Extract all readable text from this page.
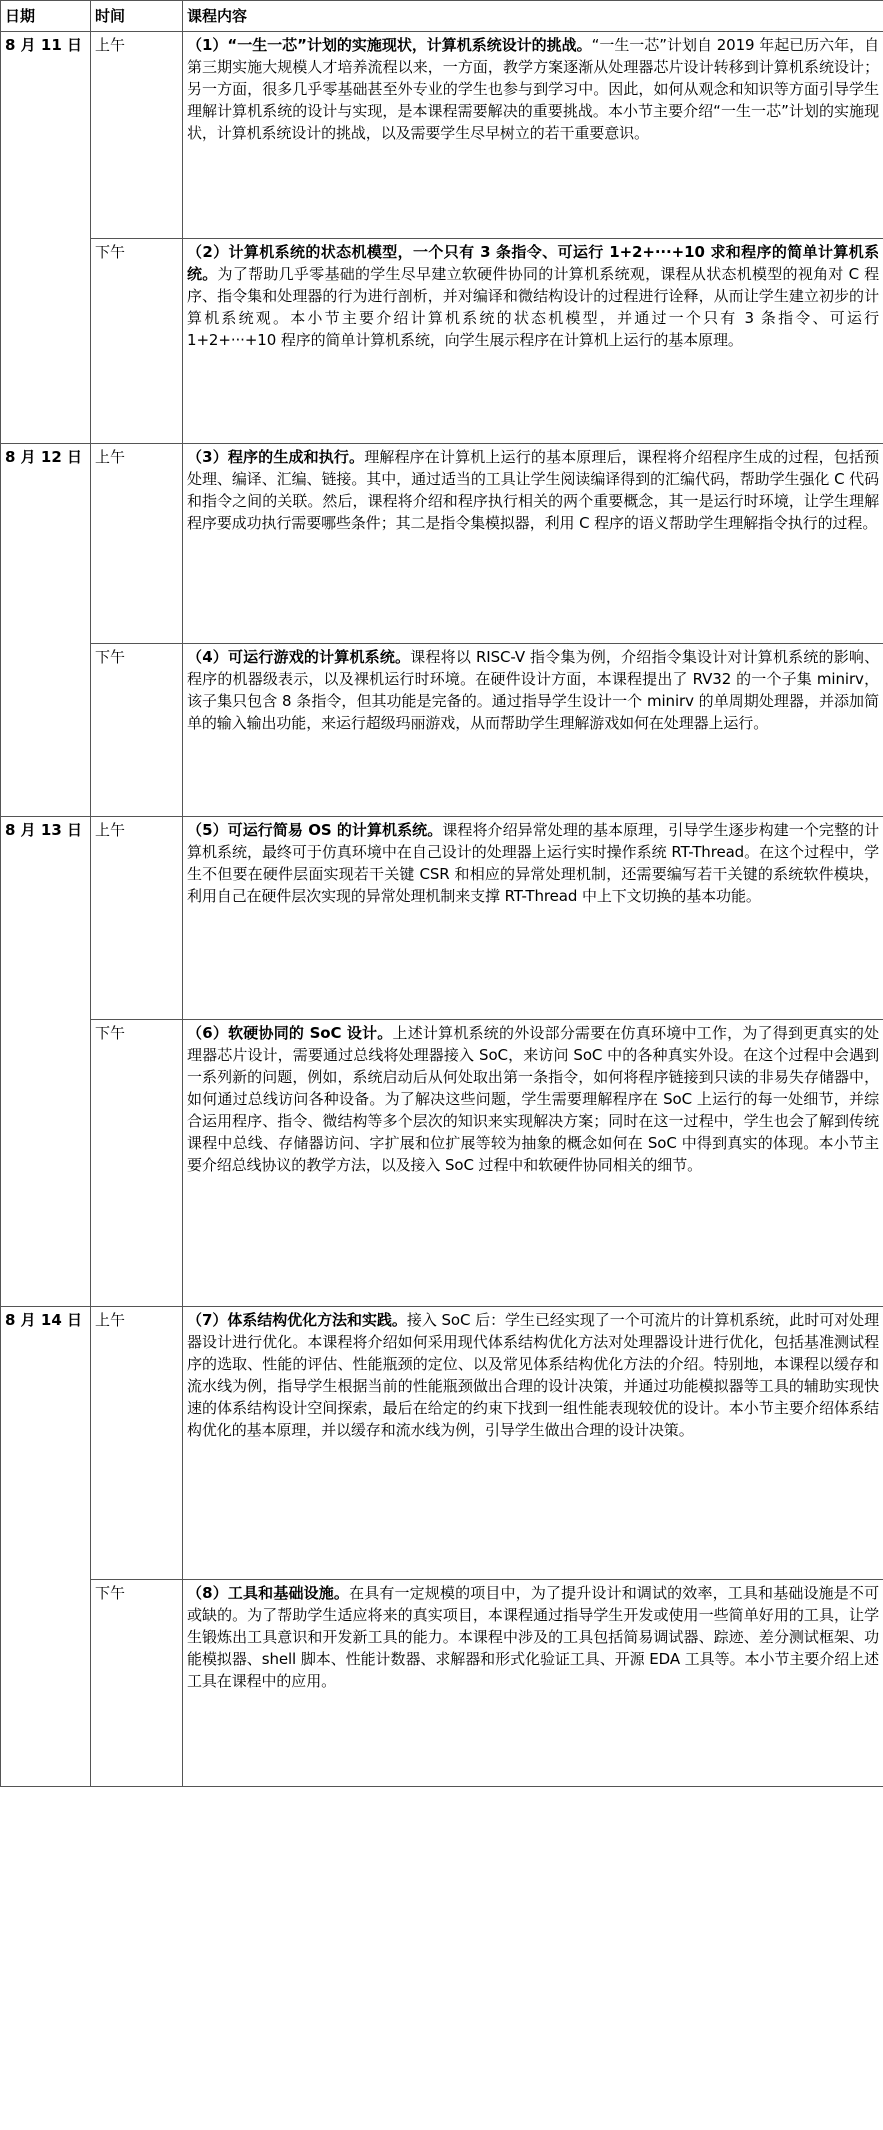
日期	时间	课程内容
8 月 11 日	上午	（1）“一生一芯”计划的实施现状，计算机系统设计的挑战。“一生一芯”计划自 2019 年起已历六年，自第三期实施大规模人才培养流程以来，一方面，教学方案逐渐从处理器芯片设计转移到计算机系统设计；另一方面，很多几乎零基础甚至外专业的学生也参与到学习中。因此，如何从观念和知识等方面引导学生理解计算机系统的设计与实现，是本课程需要解决的重要挑战。本小节主要介绍“一生一芯”计划的实施现状，计算机系统设计的挑战，以及需要学生尽早树立的若干重要意识。
	下午	（2）计算机系统的状态机模型，一个只有 3 条指令、可运行 1+2+···+10 求和程序的简单计算机系统。为了帮助几乎零基础的学生尽早建立软硬件协同的计算机系统观，课程从状态机模型的视角对 C 程序、指令集和处理器的行为进行剖析，并对编译和微结构设计的过程进行诠释，从而让学生建立初步的计算机系统观。本小节主要介绍计算机系统的状态机模型，并通过一个只有 3 条指令、可运行 1+2+···+10 程序的简单计算机系统，向学生展示程序在计算机上运行的基本原理。
8 月 12 日	上午	（3）程序的生成和执行。理解程序在计算机上运行的基本原理后，课程将介绍程序生成的过程，包括预处理、编译、汇编、链接。其中，通过适当的工具让学生阅读编译得到的汇编代码，帮助学生强化 C 代码和指令之间的关联。然后，课程将介绍和程序执行相关的两个重要概念，其一是运行时环境，让学生理解程序要成功执行需要哪些条件；其二是指令集模拟器，利用 C 程序的语义帮助学生理解指令执行的过程。
	下午	（4）可运行游戏的计算机系统。课程将以 RISC-V 指令集为例，介绍指令集设计对计算机系统的影响、程序的机器级表示，以及裸机运行时环境。在硬件设计方面，本课程提出了 RV32 的一个子集 minirv，该子集只包含 8 条指令，但其功能是完备的。通过指导学生设计一个 minirv 的单周期处理器，并添加简单的输入输出功能，来运行超级玛丽游戏，从而帮助学生理解游戏如何在处理器上运行。
8 月 13 日	上午	（5）可运行简易 OS 的计算机系统。课程将介绍异常处理的基本原理，引导学生逐步构建一个完整的计算机系统，最终可于仿真环境中在自己设计的处理器上运行实时操作系统 RT-Thread。在这个过程中，学生不但要在硬件层面实现若干关键 CSR 和相应的异常处理机制，还需要编写若干关键的系统软件模块，利用自己在硬件层次实现的异常处理机制来支撑 RT-Thread 中上下文切换的基本功能。
	下午	（6）软硬协同的 SoC 设计。上述计算机系统的外设部分需要在仿真环境中工作，为了得到更真实的处理器芯片设计，需要通过总线将处理器接入 SoC，来访问 SoC 中的各种真实外设。在这个过程中会遇到一系列新的问题，例如，系统启动后从何处取出第一条指令，如何将程序链接到只读的非易失存储器中，如何通过总线访问各种设备。为了解决这些问题，学生需要理解程序在 SoC 上运行的每一处细节，并综合运用程序、指令、微结构等多个层次的知识来实现解决方案；同时在这一过程中，学生也会了解到传统课程中总线、存储器访问、字扩展和位扩展等较为抽象的概念如何在 SoC 中得到真实的体现。本小节主要介绍总线协议的教学方法，以及接入 SoC 过程中和软硬件协同相关的细节。
8 月 14 日	上午	（7）体系结构优化方法和实践。接入 SoC 后：学生已经实现了一个可流片的计算机系统，此时可对处理器设计进行优化。本课程将介绍如何采用现代体系结构优化方法对处理器设计进行优化，包括基准测试程序的选取、性能的评估、性能瓶颈的定位、以及常见体系结构优化方法的介绍。特别地，本课程以缓存和流水线为例，指导学生根据当前的性能瓶颈做出合理的设计决策，并通过功能模拟器等工具的辅助实现快速的体系结构设计空间探索，最后在给定的约束下找到一组性能表现较优的设计。本小节主要介绍体系结构优化的基本原理，并以缓存和流水线为例，引导学生做出合理的设计决策。
	下午	（8）工具和基础设施。在具有一定规模的项目中，为了提升设计和调试的效率，工具和基础设施是不可或缺的。为了帮助学生适应将来的真实项目，本课程通过指导学生开发或使用一些简单好用的工具，让学生锻炼出工具意识和开发新工具的能力。本课程中涉及的工具包括简易调试器、踪迹、差分测试框架、功能模拟器、shell 脚本、性能计数器、求解器和形式化验证工具、开源 EDA 工具等。本小节主要介绍上述工具在课程中的应用。
